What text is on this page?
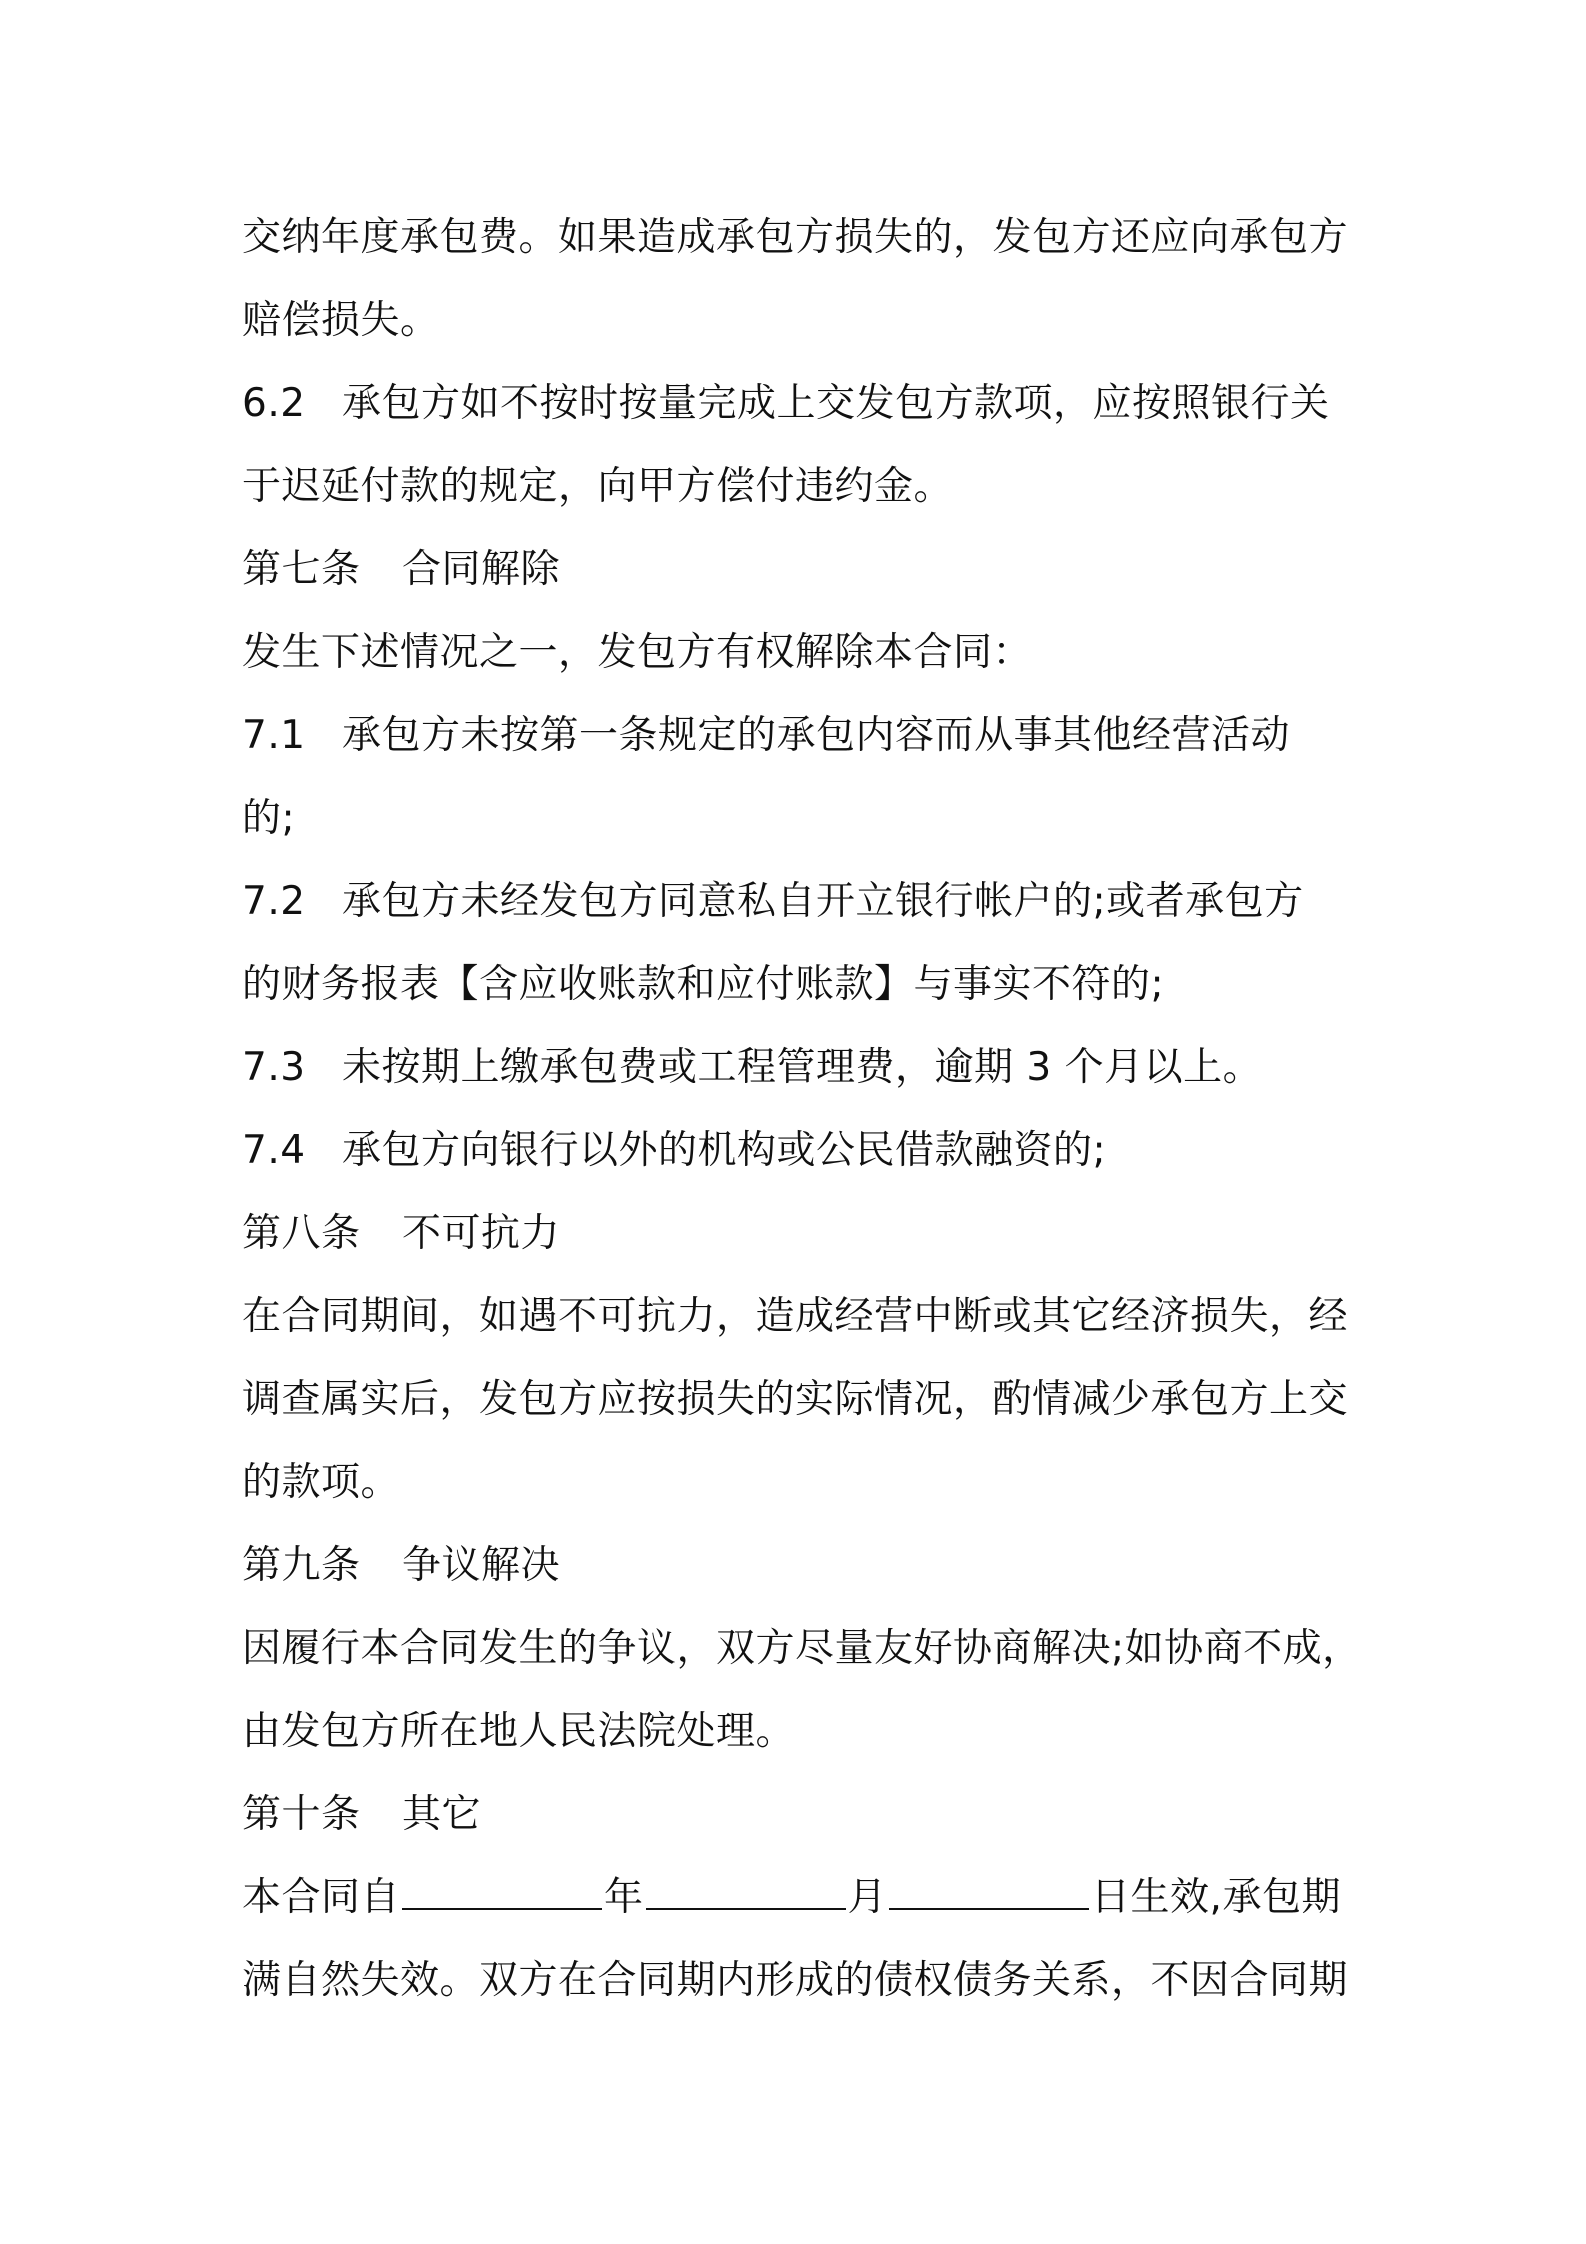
交纳年度承包费。如果造成承包方损失的，发包方还应向承包方
赔偿损失。
6.2 承包方如不按时按量完成上交发包方款项，应按照银行关
于迟延付款的规定，向甲方偿付违约金。
第七条 合同解除
发生下述情况之一，发包方有权解除本合同：
7.1 承包方未按第一条规定的承包内容而从事其他经营活动
的;
7.2 承包方未经发包方同意私自开立银行帐户的;或者承包方
的财务报表【含应收账款和应付账款】与事实不符的;
7.3 未按期上缴承包费或工程管理费，逾期 3 个月以上。
7.4 承包方向银行以外的机构或公民借款融资的;
第八条 不可抗力
在合同期间，如遇不可抗力，造成经营中断或其它经济损失，经
调查属实后，发包方应按损失的实际情况，酌情减少承包方上交
的款项。
第九条 争议解决
因履行本合同发生的争议，双方尽量友好协商解决;如协商不成，
由发包方所在地人民法院处理。
第十条 其它
本合同自	年	月	日生效,承包期
满自然失效。双方在合同期内形成的债权债务关系，不因合同期
